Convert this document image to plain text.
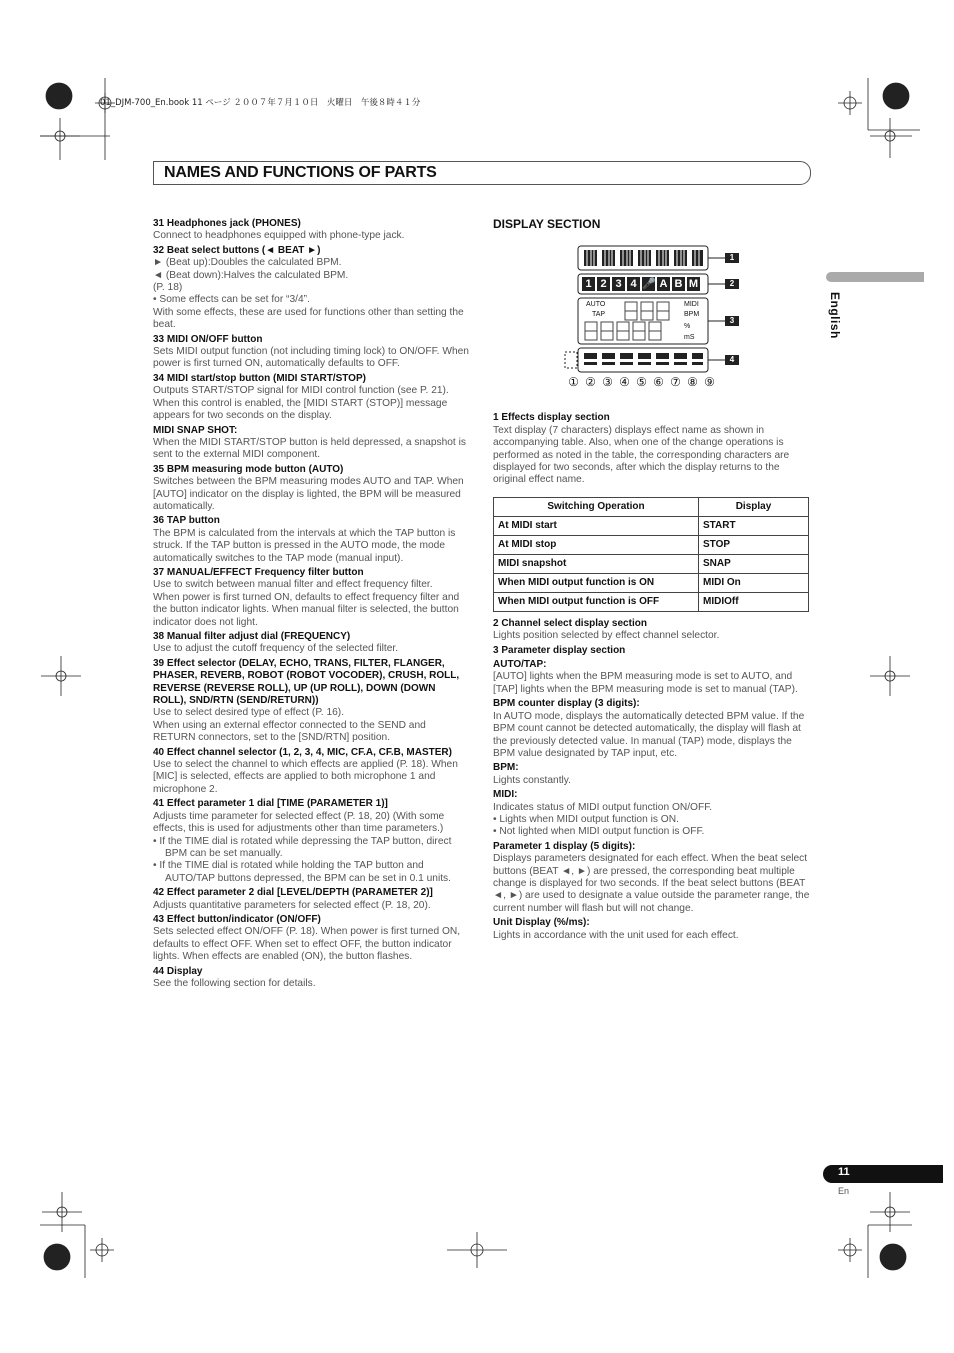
01_DJM-700_En.book 11 ページ ２００７年７月１０日　火曜日　午後８時４１分
NAMES AND FUNCTIONS OF PARTS
English
31 Headphones jack (PHONES)
Connect to headphones equipped with phone-type jack.
32 Beat select buttons (◄ BEAT ►)
► (Beat up):Doubles the calculated BPM.
◄ (Beat down):Halves the calculated BPM.
(P. 18)
• Some effects can be set for “3/4”.
With some effects, these are used for functions other than setting the beat.
33 MIDI ON/OFF button
Sets MIDI output function (not including timing lock) to ON/OFF. When power is first turned ON, automatically defaults to OFF.
34 MIDI start/stop button (MIDI START/STOP)
Outputs START/STOP signal for MIDI control function (see P. 21). When this control is enabled, the [MIDI START (STOP)] message appears for two seconds on the display.
MIDI SNAP SHOT:
When the MIDI START/STOP button is held depressed, a snapshot is sent to the external MIDI component.
35 BPM measuring mode button (AUTO)
Switches between the BPM measuring modes AUTO and TAP. When [AUTO] indicator on the display is lighted, the BPM will be measured automatically.
36 TAP button
The BPM is calculated from the intervals at which the TAP button is struck. If the TAP button is pressed in the AUTO mode, the mode automatically switches to the TAP mode (manual input).
37 MANUAL/EFFECT Frequency filter button
Use to switch between manual filter and effect frequency filter.
When power is first turned ON, defaults to effect frequency filter and the button indicator lights. When manual filter is selected, the button indicator does not light.
38 Manual filter adjust dial (FREQUENCY)
Use to adjust the cutoff frequency of the selected filter.
39 Effect selector (DELAY, ECHO, TRANS, FILTER, FLANGER, PHASER, REVERB, ROBOT (ROBOT VOCODER), CRUSH, ROLL, REVERSE (REVERSE ROLL), UP (UP ROLL), DOWN (DOWN ROLL), SND/RTN (SEND/RETURN))
Use to select desired type of effect (P. 16).
When using an external effector connected to the SEND and RETURN connectors, set to the [SND/RTN] position.
40 Effect channel selector (1, 2, 3, 4, MIC, CF.A, CF.B, MASTER)
Use to select the channel to which effects are applied (P. 18). When [MIC] is selected, effects are applied to both microphone 1 and microphone 2.
41 Effect parameter 1 dial [TIME (PARAMETER 1)]
Adjusts time parameter for selected effect (P. 18, 20) (With some effects, this is used for adjustments other than time parameters.)
• If the TIME dial is rotated while depressing the TAP button, direct BPM can be set manually.
• If the TIME dial is rotated while holding the TAP button and AUTO/TAP buttons depressed, the BPM can be set in 0.1 units.
42 Effect parameter 2 dial [LEVEL/DEPTH (PARAMETER 2)]
Adjusts quantitative parameters for selected effect (P. 18, 20).
43 Effect button/indicator (ON/OFF)
Sets selected effect ON/OFF (P. 18). When power is first turned ON, defaults to effect OFF. When set to effect OFF, the button indicator lights. When effects are enabled (ON), the button flashes.
44 Display
See the following section for details.
DISPLAY SECTION
AUTO
TAP
MIDI
BPM
%
mS
1
2
3
4
1 2 3 4 🎤 A B M
① ② ③ ④ ⑤ ⑥ ⑦ ⑧ ⑨
1 Effects display section
Text display (7 characters) displays effect name as shown in accompanying table. Also, when one of the change operations is performed as noted in the table, the corresponding characters are displayed for two seconds, after which the display returns to the original effect name.
Switching Operation	Display
At MIDI start	START
At MIDI stop	STOP
MIDI snapshot	SNAP
When MIDI output function is ON	MIDI On
When MIDI output function is OFF	MIDIOff
2 Channel select display section
Lights position selected by effect channel selector.
3 Parameter display section
AUTO/TAP:
[AUTO] lights when the BPM measuring mode is set to AUTO, and [TAP] lights when the BPM measuring mode is set to manual (TAP).
BPM counter display (3 digits):
In AUTO mode, displays the automatically detected BPM value. If the BPM count cannot be detected automatically, the display will flash at the previously detected value. In manual (TAP) mode, displays the BPM value designated by TAP input, etc.
BPM:
Lights constantly.
MIDI:
Indicates status of MIDI output function ON/OFF.
• Lights when MIDI output function is ON.
• Not lighted when MIDI output function is OFF.
Parameter 1 display (5 digits):
Displays parameters designated for each effect. When the beat select buttons (BEAT ◄, ►) are pressed, the corresponding beat multiple change is displayed for two seconds. If the beat select buttons (BEAT ◄, ►) are used to designate a value outside the parameter range, the current number will flash but will not change.
Unit Display (%/ms):
Lights in accordance with the unit used for each effect.
11
En
